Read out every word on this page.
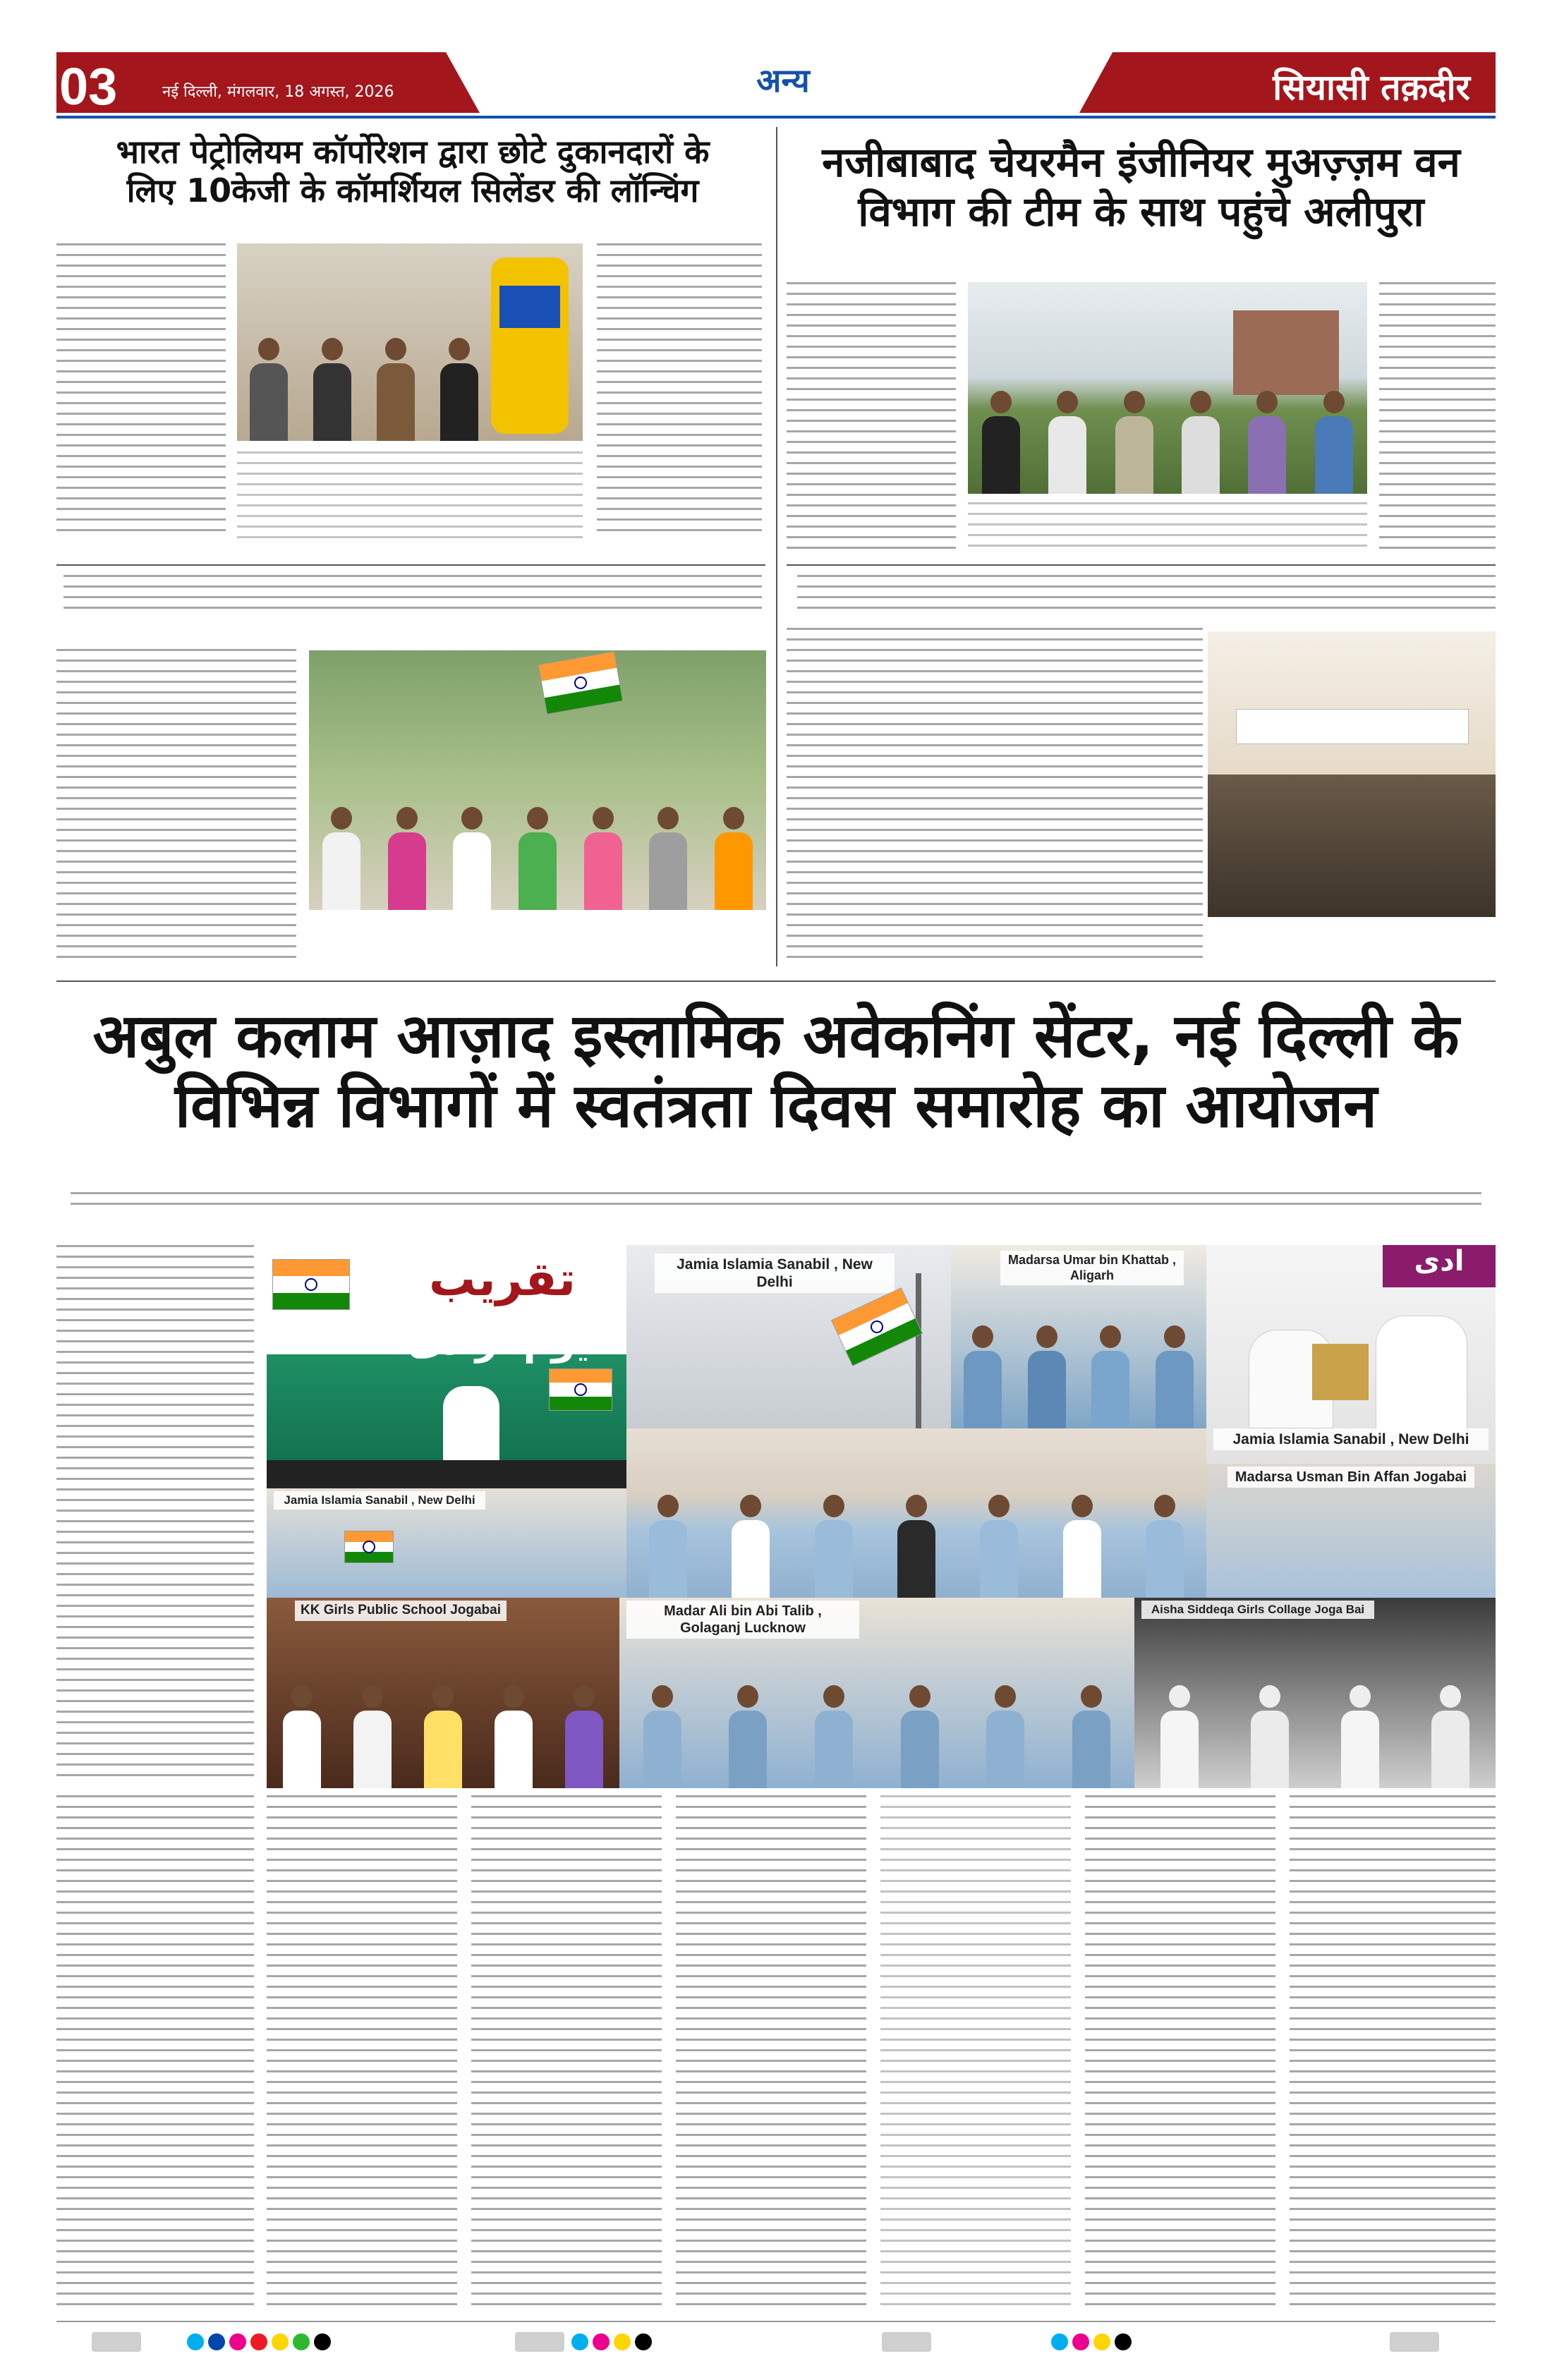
03	नई दिल्ली, मंगलवार, 18 अगस्त, 2026	अन्य	सियासी तक़दीर
भारत पेट्रोलियम कॉर्पोरेशन द्वारा छोटे दुकानदारों के
लिए 10केजी के कॉमर्शियल सिलेंडर की लॉन्चिंग
नजीबाबाद चेयरमैन इंजीनियर मुअज़्ज़म वन
विभाग की टीम के साथ पहुंचे अलीपुरा
अबुल कलाम आज़ाद इस्लामिक अवेकनिंग सेंटर, नई दिल्ली के
विभिन्न विभागों में स्वतंत्रता दिवस समारोह का आयोजन
تقریب
یوم آزادی
Jamia Islamia Sanabil , New Delhi
Madarsa Umar bin Khattab , Aligarh	ادی
Jamia Islamia Sanabil , New Delhi
Madarsa Usman Bin Affan Jogabai
Jamia Islamia Sanabil , New Delhi
KK Girls Public School Jogabai	Madar Ali bin Abi Talib , Golaganj Lucknow
Aisha Siddeqa Girls Collage Joga Bai
